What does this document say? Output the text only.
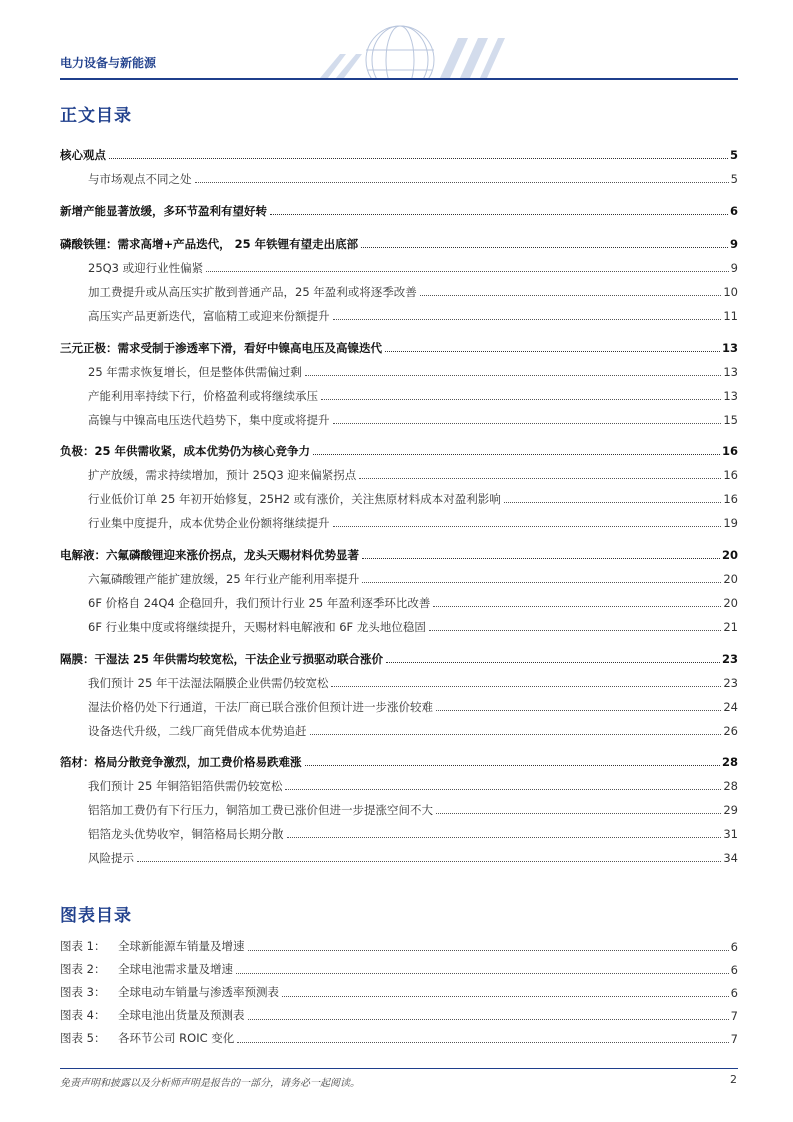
电力设备与新能源
正文目录
核心观点	5
与市场观点不同之处	5
新增产能显著放缓，多环节盈利有望好转	6
磷酸铁锂：需求高增+产品迭代， 25 年铁锂有望走出底部	9
25Q3 或迎行业性偏紧	9
加工费提升或从高压实扩散到普通产品，25 年盈利或将逐季改善	10
高压实产品更新迭代，富临精工或迎来份额提升	11
三元正极：需求受制于渗透率下滑，看好中镍高电压及高镍迭代	13
25 年需求恢复增长，但是整体供需偏过剩	13
产能利用率持续下行，价格盈利或将继续承压	13
高镍与中镍高电压迭代趋势下，集中度或将提升	15
负极：25 年供需收紧，成本优势仍为核心竞争力	16
扩产放缓，需求持续增加，预计 25Q3 迎来偏紧拐点	16
行业低价订单 25 年初开始修复，25H2 或有涨价，关注焦原材料成本对盈利影响	16
行业集中度提升，成本优势企业份额将继续提升	19
电解液：六氟磷酸锂迎来涨价拐点，龙头天赐材料优势显著	20
六氟磷酸锂产能扩建放缓，25 年行业产能利用率提升	20
6F 价格自 24Q4 企稳回升，我们预计行业 25 年盈利逐季环比改善	20
6F 行业集中度或将继续提升，天赐材料电解液和 6F 龙头地位稳固	21
隔膜：干湿法 25 年供需均较宽松，干法企业亏损驱动联合涨价	23
我们预计 25 年干法湿法隔膜企业供需仍较宽松	23
湿法价格仍处下行通道，干法厂商已联合涨价但预计进一步涨价较难	24
设备迭代升级，二线厂商凭借成本优势追赶	26
箔材：格局分散竞争激烈，加工费价格易跌难涨	28
我们预计 25 年铜箔铝箔供需仍较宽松	28
铝箔加工费仍有下行压力，铜箔加工费已涨价但进一步提涨空间不大	29
铝箔龙头优势收窄，铜箔格局长期分散	31
风险提示	34
图表目录
图表 1：	全球新能源车销量及增速	6
图表 2：	全球电池需求量及增速	6
图表 3：	全球电动车销量与渗透率预测表	6
图表 4：	全球电池出货量及预测表	7
图表 5：	各环节公司 ROIC 变化	7
免责声明和披露以及分析师声明是报告的一部分，请务必一起阅读。	2
